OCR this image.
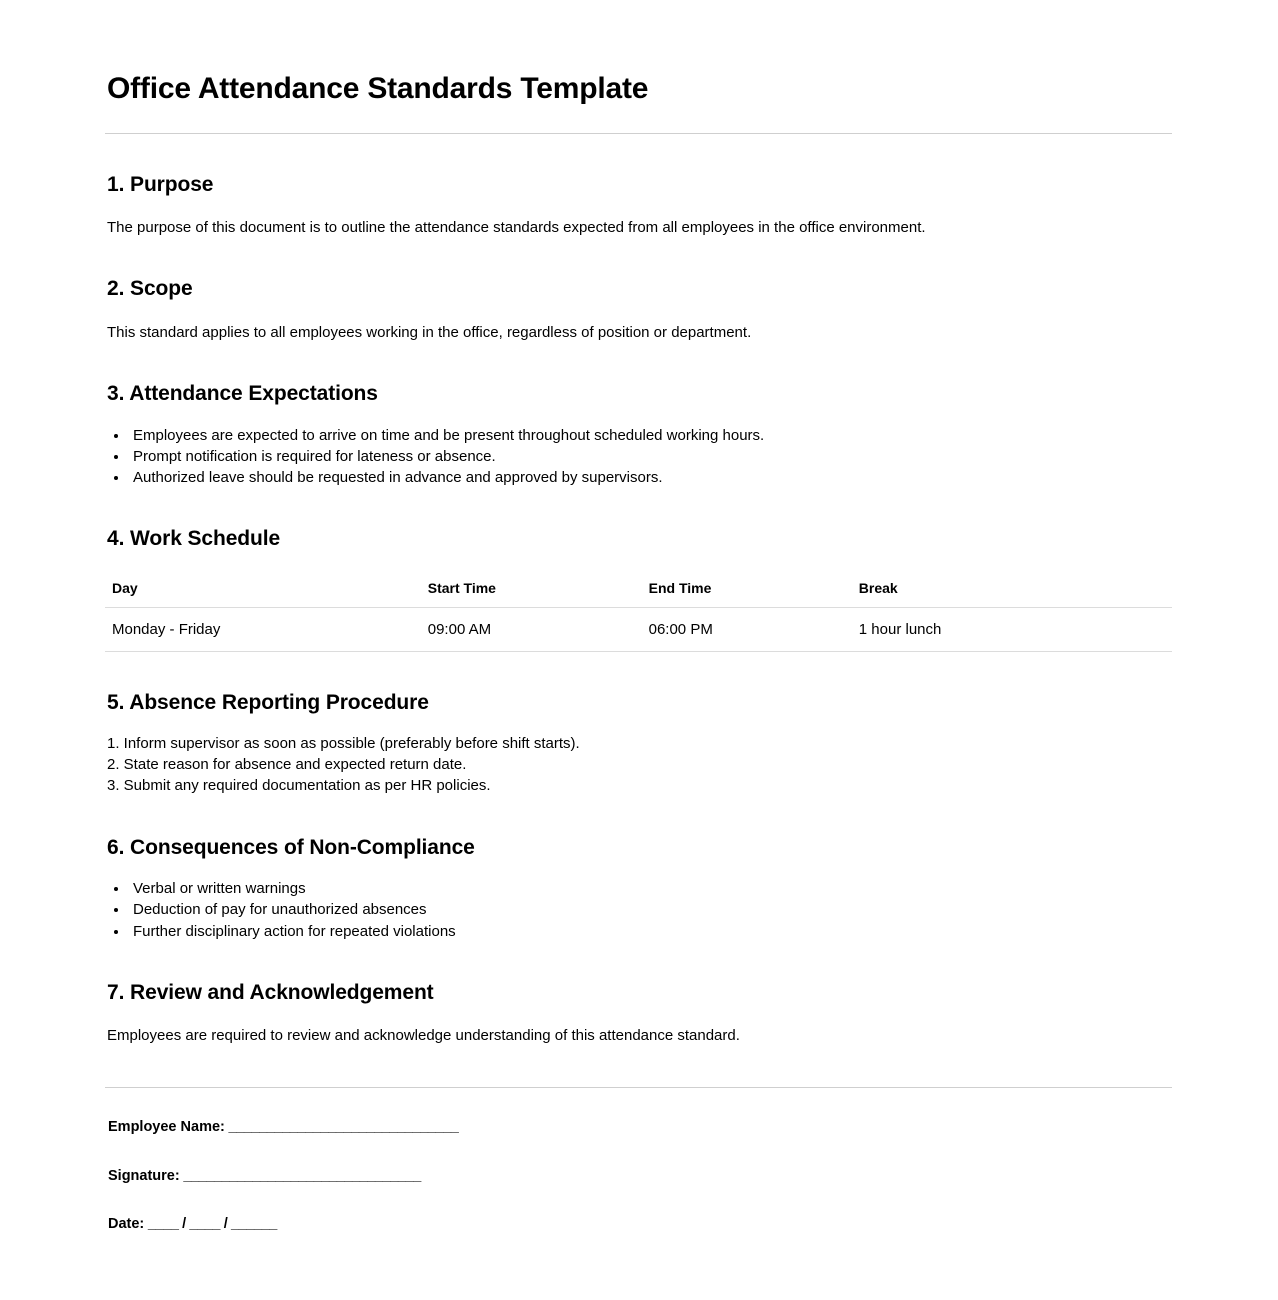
Office Attendance Standards Template
1. Purpose

The purpose of this document is to outline the attendance standards expected from all employees in the office environment.

2. Scope

This standard applies to all employees working in the office, regardless of position or department.

3. Attendance Expectations
• Employees are expected to arrive on time and be present throughout scheduled working hours.
• Prompt notification is required for lateness or absence.
• Authorized leave should be requested in advance and approved by supervisors.
4. Work Schedule
Day	Start Time	End Time	Break
Monday - Friday	09:00 AM	06:00 PM	1 hour lunch
5. Absence Reporting Procedure
1. Inform supervisor as soon as possible (preferably before shift starts).
2. State reason for absence and expected return date.
3. Submit any required documentation as per HR policies.
6. Consequences of Non-Compliance
• Verbal or written warnings
• Deduction of pay for unauthorized absences
• Further disciplinary action for repeated violations
7. Review and Acknowledgement

Employees are required to review and acknowledge understanding of this attendance standard.

Employee Name: ______________________________
Signature: _______________________________
Date: ____ / ____ / ______
